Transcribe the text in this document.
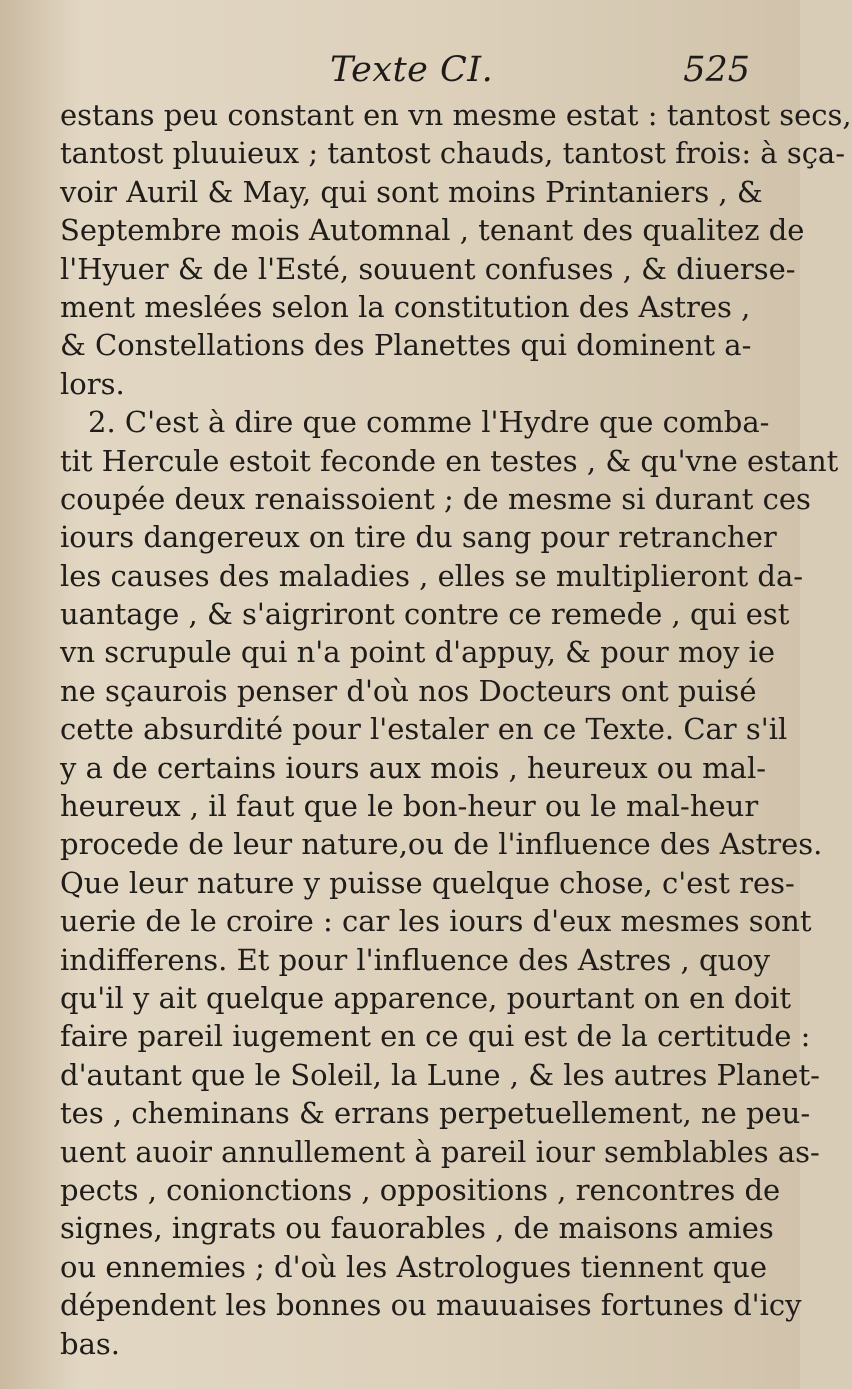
Texte CI.	525
estans peu constant en vn mesme estat : tantost secs,
tantost pluuieux ; tantost chauds, tantost frois: à sça-
voir Auril & May, qui sont moins Printaniers , &
Septembre mois Automnal , tenant des qualitez de
l'Hyuer & de l'Esté, souuent confuses , & diuerse-
ment meslées selon la constitution des Astres ,
& Constellations des Planettes qui dominent a-
lors.
2. C'est à dire que comme l'Hydre que comba-
tit Hercule estoit feconde en testes , & qu'vne estant
coupée deux renaissoient ; de mesme si durant ces
iours dangereux on tire du sang pour retrancher
les causes des maladies , elles se multiplieront da-
uantage , & s'aigriront contre ce remede , qui est
vn scrupule qui n'a point d'appuy, & pour moy ie
ne sçaurois penser d'où nos Docteurs ont puisé
cette absurdité pour l'estaler en ce Texte. Car s'il
y a de certains iours aux mois , heureux ou mal-
heureux , il faut que le bon-heur ou le mal-heur
procede de leur nature,ou de l'influence des Astres.
Que leur nature y puisse quelque chose, c'est res-
uerie de le croire : car les iours d'eux mesmes sont
indifferens. Et pour l'influence des Astres , quoy
qu'il y ait quelque apparence, pourtant on en doit
faire pareil iugement en ce qui est de la certitude :
d'autant que le Soleil, la Lune , & les autres Planet-
tes , cheminans & errans perpetuellement, ne peu-
uent auoir annullement à pareil iour semblables as-
pects , conionctions , oppositions , rencontres de
signes, ingrats ou fauorables , de maisons amies
ou ennemies ; d'où les Astrologues tiennent que
dépendent les bonnes ou mauuaises fortunes d'icy
bas.
